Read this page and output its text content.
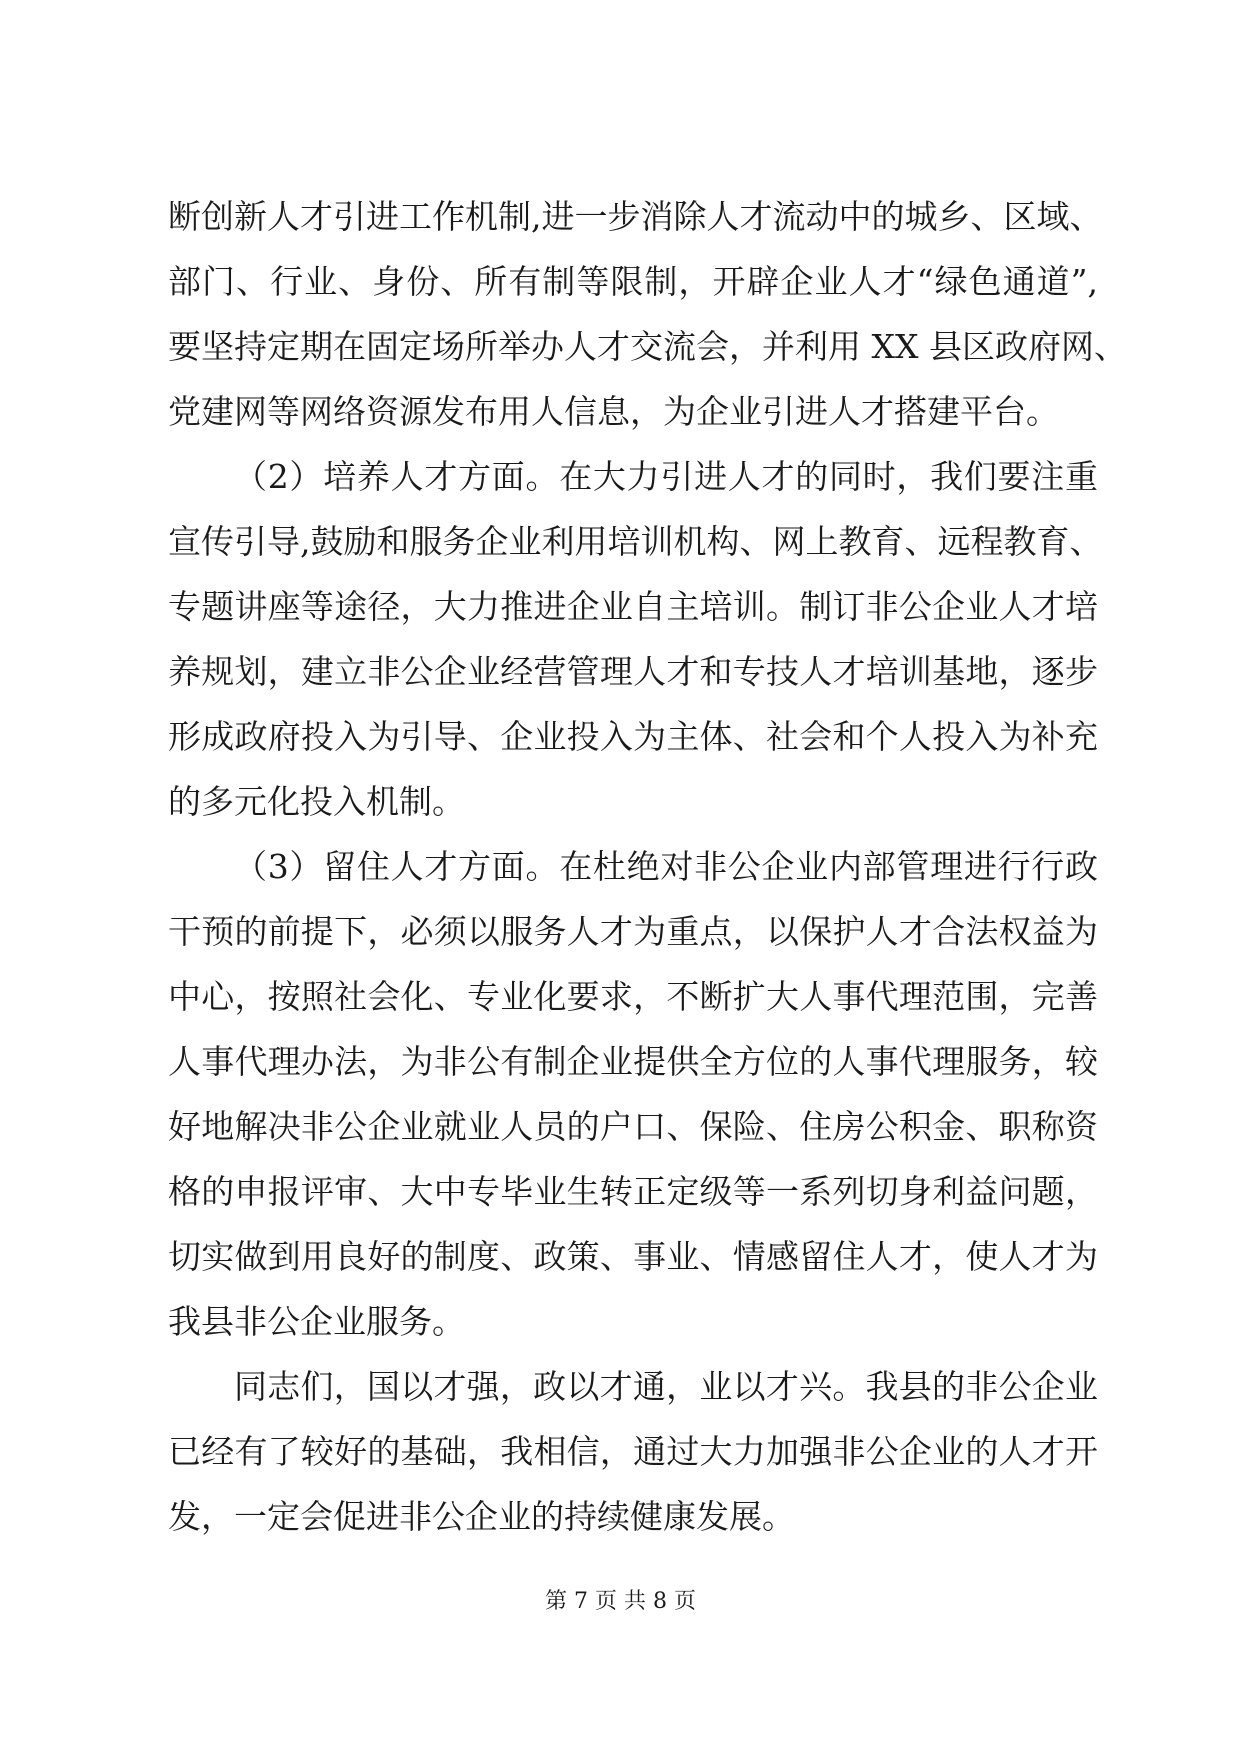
断创新人才引进工作机制,进一步消除人才流动中的城乡、区域、
部门、行业、身份、所有制等限制，开辟企业人才“绿色通道”,
要坚持定期在固定场所举办人才交流会，并利用 XX 县区政府网、
党建网等网络资源发布用人信息，为企业引进人才搭建平台。
（2）培养人才方面。在大力引进人才的同时，我们要注重
宣传引导,鼓励和服务企业利用培训机构、网上教育、远程教育、
专题讲座等途径，大力推进企业自主培训。制订非公企业人才培
养规划，建立非公企业经营管理人才和专技人才培训基地，逐步
形成政府投入为引导、企业投入为主体、社会和个人投入为补充
的多元化投入机制。
（3）留住人才方面。在杜绝对非公企业内部管理进行行政
干预的前提下，必须以服务人才为重点，以保护人才合法权益为
中心，按照社会化、专业化要求，不断扩大人事代理范围，完善
人事代理办法，为非公有制企业提供全方位的人事代理服务，较
好地解决非公企业就业人员的户口、保险、住房公积金、职称资
格的申报评审、大中专毕业生转正定级等一系列切身利益问题，
切实做到用良好的制度、政策、事业、情感留住人才，使人才为
我县非公企业服务。
同志们，国以才强，政以才通，业以才兴。我县的非公企业
已经有了较好的基础，我相信，通过大力加强非公企业的人才开
发，一定会促进非公企业的持续健康发展。
第 7 页 共 8 页
